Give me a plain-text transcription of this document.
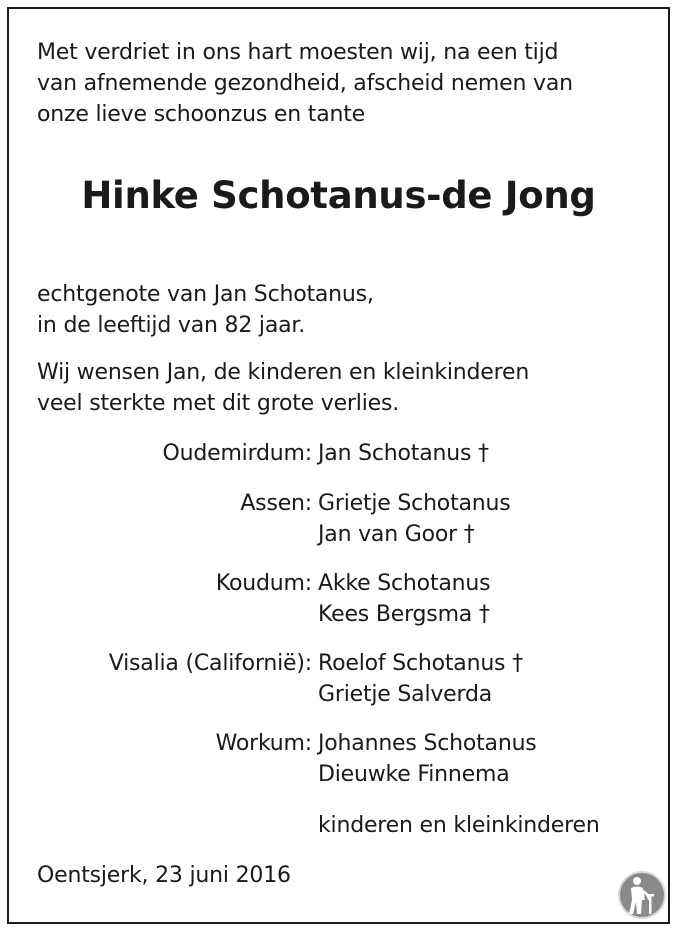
Met verdriet in ons hart moesten wij, na een tijd
van afnemende gezondheid, afscheid nemen van
onze lieve schoonzus en tante
Hinke Schotanus-de Jong
echtgenote van Jan Schotanus,
in de leeftijd van 82 jaar.
Wij wensen Jan, de kinderen en kleinkinderen
veel sterkte met dit grote verlies.
Oudemirdum: Jan Schotanus †
Assen: Grietje Schotanus
Jan van Goor †
Koudum: Akke Schotanus
Kees Bergsma †
Visalia (Californië): Roelof Schotanus †
Grietje Salverda
Workum: Johannes Schotanus
Dieuwke Finnema
kinderen en kleinkinderen
Oentsjerk, 23 juni 2016
